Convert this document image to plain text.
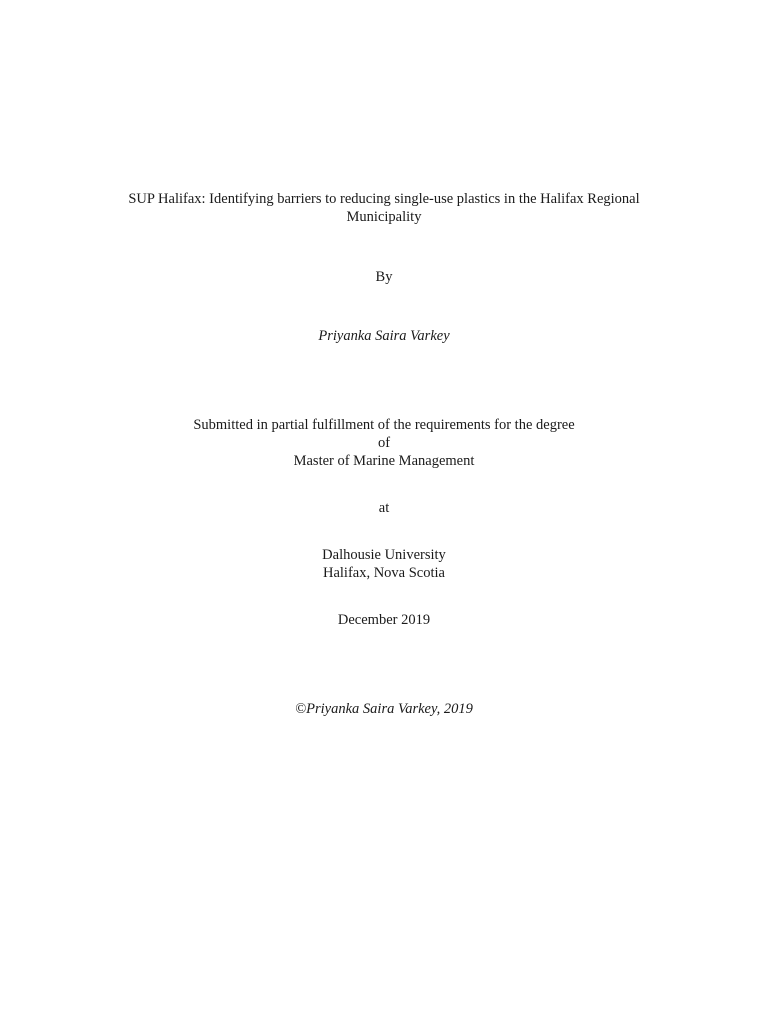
SUP Halifax: Identifying barriers to reducing single-use plastics in the Halifax Regional
Municipality
By
Priyanka Saira Varkey
Submitted in partial fulfillment of the requirements for the degree
of
Master of Marine Management
at
Dalhousie University
Halifax, Nova Scotia
December 2019
©Priyanka Saira Varkey, 2019
